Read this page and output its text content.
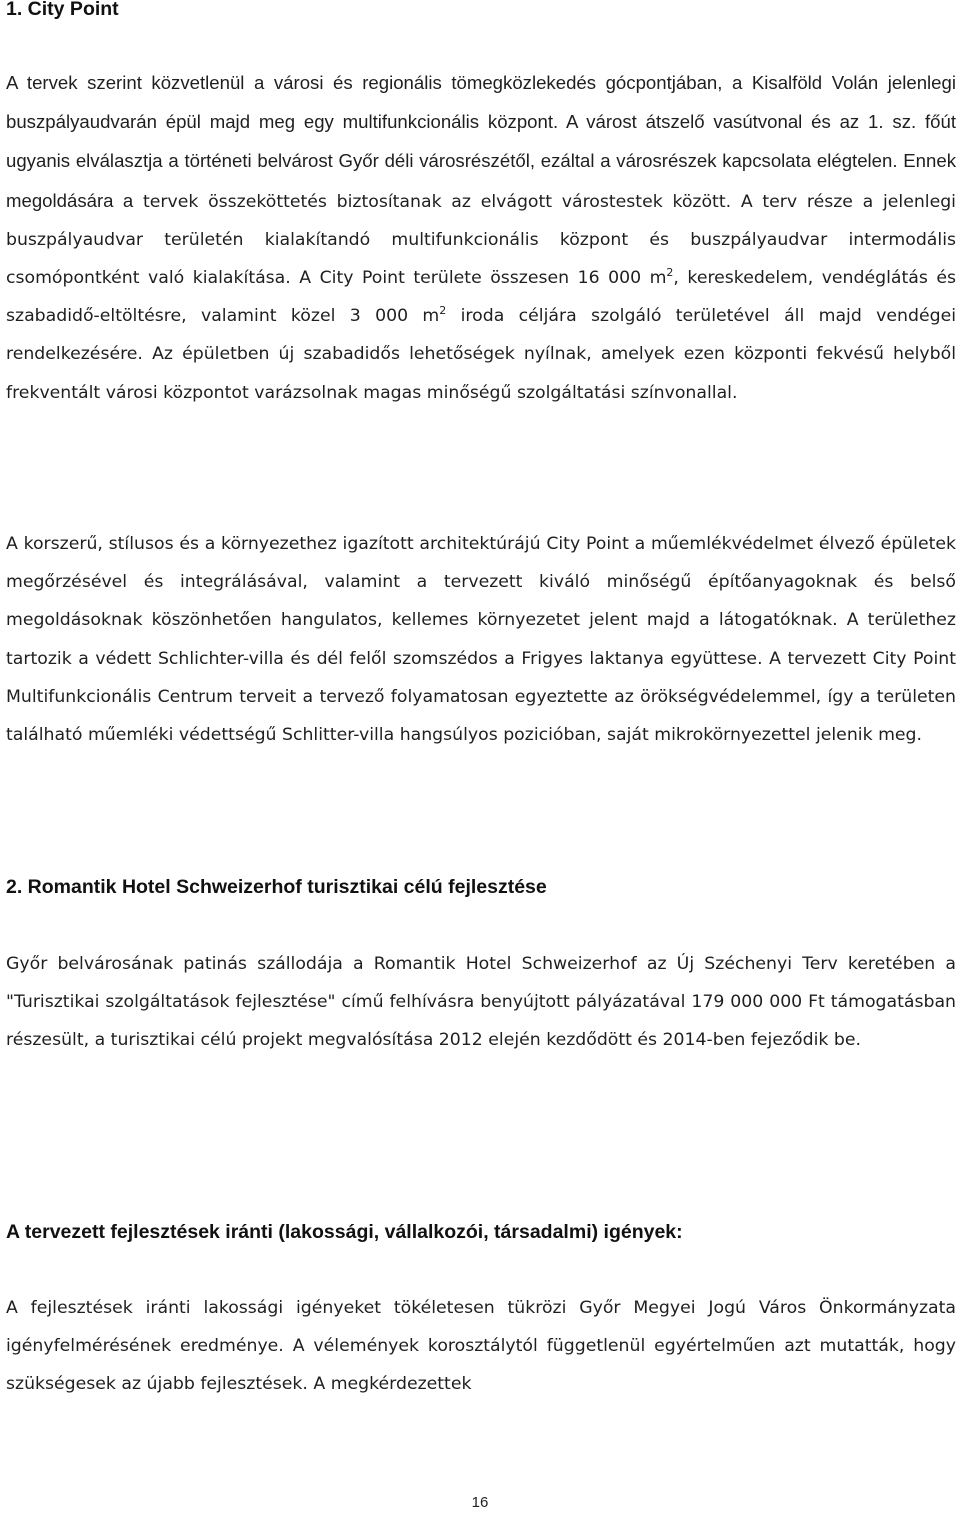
1. City Point

A tervek szerint közvetlenül a városi és regionális tömegközlekedés gócpontjában, a Kisalföld Volán jelenlegi buszpályaudvarán épül majd meg egy multifunkcionális központ. A várost átszelő vasútvonal és az 1. sz. főút ugyanis elválasztja a történeti belvárost Győr déli városrészétől, ezáltal a városrészek kapcsolata elégtelen. Ennek megoldására a tervek összeköttetés biztosítanak az elvágott várostestek között. A terv része a jelenlegi buszpályaudvar területén kialakítandó multifunkcionális központ és buszpályaudvar intermodális csomópontként való kialakítása. A City Point területe összesen 16 000 $m^2$, kereskedelem, vendéglátás és szabadidő-eltöltésre, valamint közel 3 000 $m^2$ iroda céljára szolgáló területével áll majd vendégei rendelkezésére. Az épületben új szabadidős lehetőségek nyílnak, amelyek ezen központi fekvésű helyből frekventált városi központot varázsolnak magas minőségű szolgáltatási színvonallal.

A korszerű, stílusos és a környezethez igazított architektúrájú City Point a műemlékvédelmet élvező épületek megőrzésével és integrálásával, valamint a tervezett kiváló minőségű építőanyagoknak és belső megoldásoknak köszönhetően hangulatos, kellemes környezetet jelent majd a látogatóknak. A területhez tartozik a védett Schlichter-villa és dél felől szomszédos a Frigyes laktanya együttese. A tervezett City Point Multifunkcionális Centrum terveit a tervező folyamatosan egyeztette az örökségvédelemmel, így a területen található műemléki védettségű Schlitter-villa hangsúlyos pozicióban, saját mikrokörnyezettel jelenik meg.

2. Romantik Hotel Schweizerhof turisztikai célú fejlesztése

Győr belvárosának patinás szállodája a Romantik Hotel Schweizerhof az Új Széchenyi Terv keretében a "Turisztikai szolgáltatások fejlesztése" című felhívásra benyújtott pályázatával 179 000 000 Ft támogatásban részesült, a turisztikai célú projekt megvalósítása 2012 elején kezdődött és 2014-ben fejeződik be.

A tervezett fejlesztések iránti (lakossági, vállalkozói, társadalmi) igények:

A fejlesztések iránti lakossági igényeket tökéletesen tükrözi Győr Megyei Jogú Város Önkormányzata igényfelmérésének eredménye. A vélemények korosztálytól függetlenül egyértelműen azt mutatták, hogy szükségesek az újabb fejlesztések. A megkérdezettek

16
